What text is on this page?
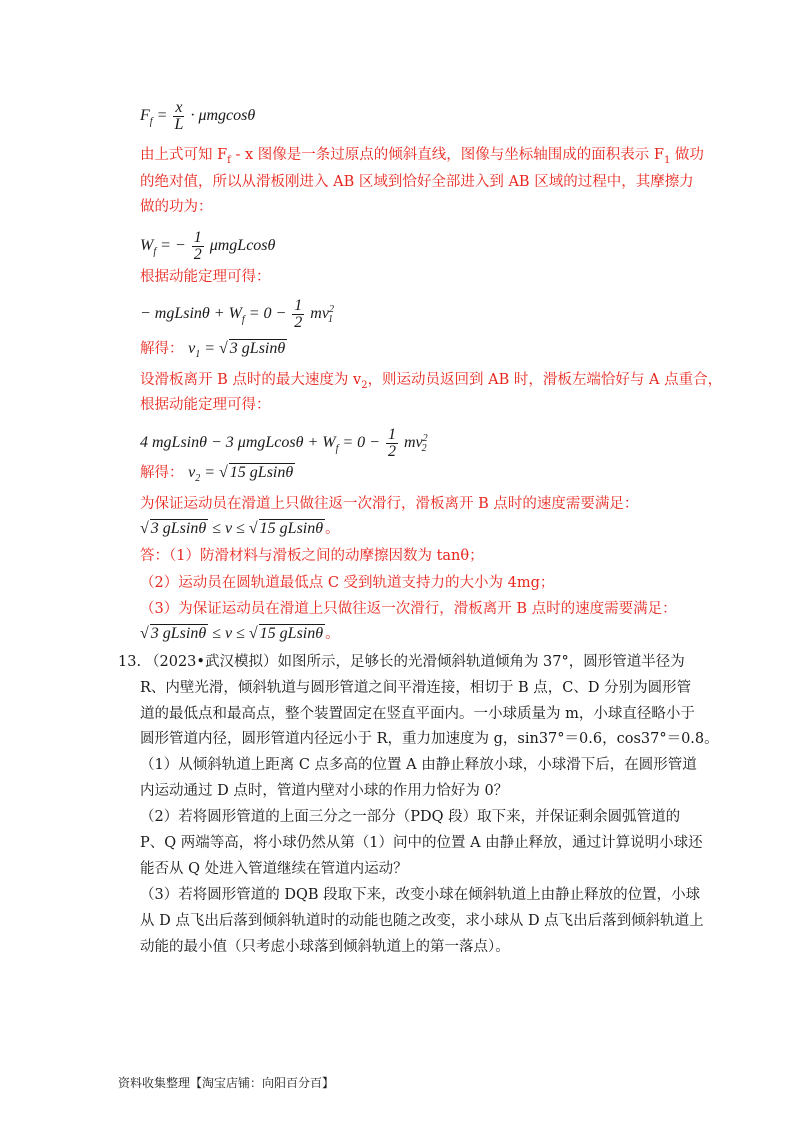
$F_f = \frac{x}{L} \cdot \mu mgcos\theta$
由上式可知 $F_f$ - x 图像是一条过原点的倾斜直线，图像与坐标轴围成的面积表示 $F_1$ 做功
的绝对值，所以从滑板刚进入 AB 区域到恰好全部进入到 AB 区域的过程中，其摩擦力
做的功为：
$W_f$ = − $\frac{1}{2}$ μmgLcosθ
根据动能定理可得：
− $mgLsin\theta + W_f = 0 - \frac{1}{2} mv^2_1$
解得： $v_1$ = √ 3 gLsinθ
设滑板离开 B 点时的最大速度为 $v_2$，则运动员返回到 AB 时，滑板左端恰好与 A 点重合，
根据动能定理可得：
4 mgLsinθ − 3 $\mu mgLcos\theta + W_f = 0 - \frac{1}{2} mv^2_2$
解得： $v_2$ = √ 15 gLsinθ
为保证运动员在滑道上只做往返一次滑行，滑板离开 B 点时的速度需要满足：
√ 3 gLsinθ ≤ v ≤ √ 15 gLsinθ 。
答：（1）防滑材料与滑板之间的动摩擦因数为 tanθ；
（2）运动员在圆轨道最低点 C 受到轨道支持力的大小为 4mg；
（3）为保证运动员在滑道上只做往返一次滑行，滑板离开 B 点时的速度需要满足：
√ 3 gLsinθ ≤ v ≤ √ 15 gLsinθ 。
13. （2023•武汉模拟）如图所示，足够长的光滑倾斜轨道倾角为 37°，圆形管道半径为
R、内壁光滑，倾斜轨道与圆形管道之间平滑连接，相切于 B 点，C、D 分别为圆形管
道的最低点和最高点，整个装置固定在竖直平面内。一小球质量为 m，小球直径略小于
圆形管道内径，圆形管道内径远小于 R，重力加速度为 g，sin37°＝0.6，cos37°＝0.8。
（1）从倾斜轨道上距离 C 点多高的位置 A 由静止释放小球，小球滑下后，在圆形管道
内运动通过 D 点时，管道内壁对小球的作用力恰好为 0？
（2）若将圆形管道的上面三分之一部分（PDQ 段）取下来，并保证剩余圆弧管道的
P、Q 两端等高，将小球仍然从第（1）问中的位置 A 由静止释放，通过计算说明小球还
能否从 Q 处进入管道继续在管道内运动？
（3）若将圆形管道的 DQB 段取下来，改变小球在倾斜轨道上由静止释放的位置，小球
从 D 点飞出后落到倾斜轨道时的动能也随之改变，求小球从 D 点飞出后落到倾斜轨道上
动能的最小值（只考虑小球落到倾斜轨道上的第一落点）。
资料收集整理【淘宝店铺：向阳百分百】
